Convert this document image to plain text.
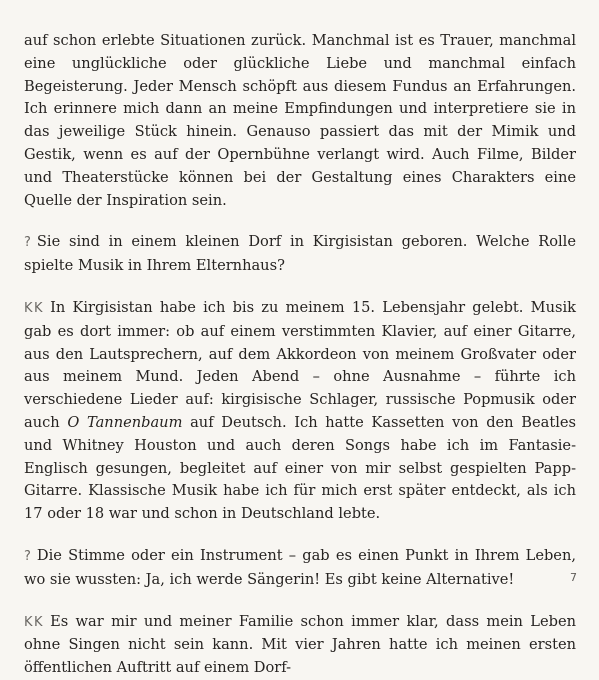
auf schon erlebte Situationen zurück. Manchmal ist es Trauer, manchmal eine unglückliche oder glückliche Liebe und manchmal einfach Begeisterung. Jeder Mensch schöpft aus diesem Fundus an Erfahrungen. Ich erinnere mich dann an meine Empfindungen und interpretiere sie in das jeweilige Stück hinein. Genauso passiert das mit der Mimik und Gestik, wenn es auf der Opernbühne verlangt wird. Auch Filme, Bilder und Theaterstücke können bei der Gestaltung eines Charakters eine Quelle der Inspiration sein.

? Sie sind in einem kleinen Dorf in Kirgisistan geboren. Welche Rolle spielte Musik in Ihrem Elternhaus?

KK In Kirgisistan habe ich bis zu meinem 15. Lebensjahr gelebt. Musik gab es dort immer: ob auf einem verstimmten Klavier, auf einer Gitarre, aus den Lautsprechern, auf dem Akkordeon von meinem Großvater oder aus meinem Mund. Jeden Abend – ohne Ausnahme – führte ich verschiedene Lieder auf: kirgisische Schlager, russische Popmusik oder auch O Tannenbaum auf Deutsch. Ich hatte Kassetten von den Beatles und Whitney Houston und auch deren Songs habe ich im Fantasie-Englisch gesungen, begleitet auf einer von mir selbst gespielten Papp-Gitarre. Klassische Musik habe ich für mich erst später entdeckt, als ich 17 oder 18 war und schon in Deutschland lebte.

? Die Stimme oder ein Instrument – gab es einen Punkt in Ihrem Leben, wo sie wussten: Ja, ich werde Sängerin! Es gibt keine Alternative!

KK Es war mir und meiner Familie schon immer klar, dass mein Leben ohne Singen nicht sein kann. Mit vier Jahren hatte ich meinen ersten öffentlichen Auftritt auf einem Dorf-

7
